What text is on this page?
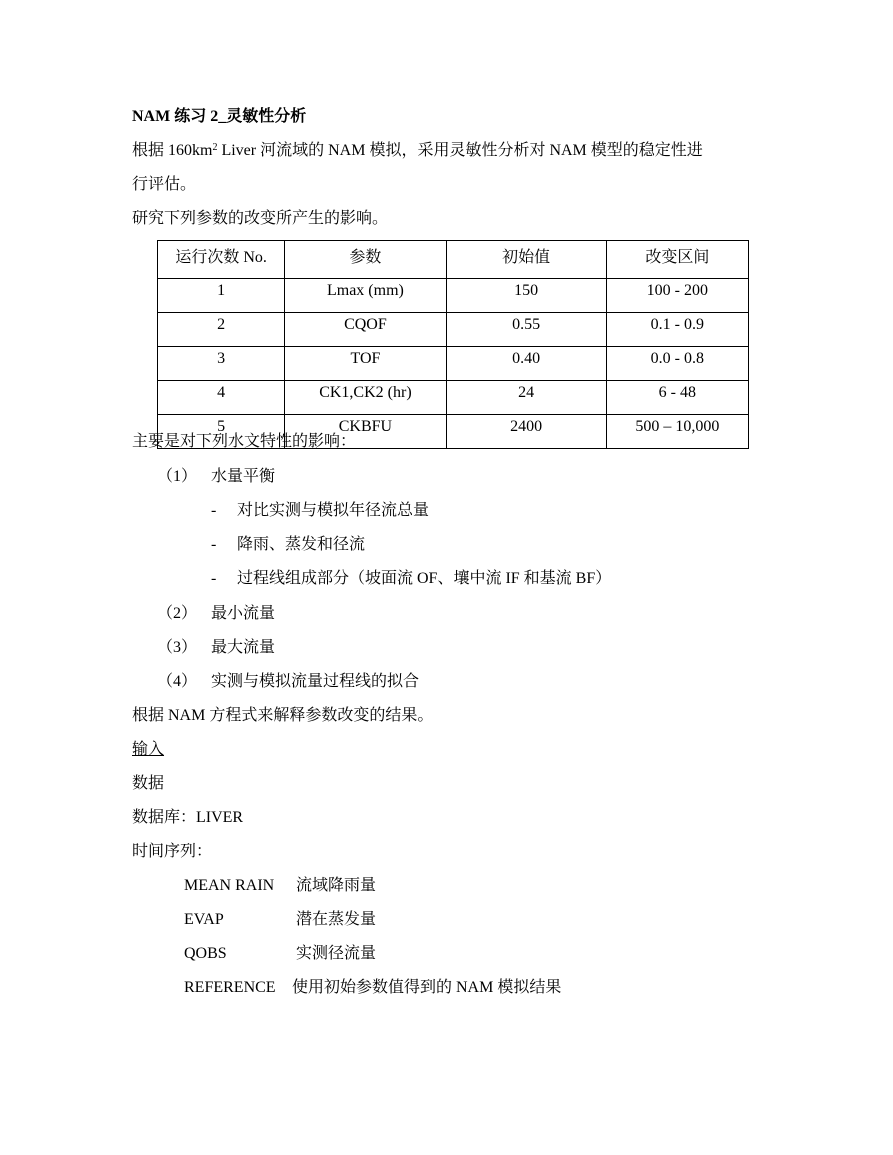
NAM 练习 2_灵敏性分析
根据 $160km^2$ Liver 河流域的 NAM 模拟，采用灵敏性分析对 NAM 模型的稳定性进
行评估。
研究下列参数的改变所产生的影响。
运行次数 No.	参数	初始值	改变区间
1	Lmax (mm)	150	100 - 200
2	CQOF	0.55	0.1 - 0.9
3	TOF	0.40	0.0 - 0.8
4	CK1,CK2 (hr)	24	6 - 48
5	CKBFU	2400	500 – 10,000
主要是对下列水文特性的影响：
（1） 水量平衡
- 对比实测与模拟年径流总量
- 降雨、蒸发和径流
- 过程线组成部分（坡面流 OF、壤中流 IF 和基流 BF）
（2） 最小流量
（3） 最大流量
（4） 实测与模拟流量过程线的拟合
根据 NAM 方程式来解释参数改变的结果。
输入
数据
数据库：LIVER
时间序列：
MEAN RAIN 流域降雨量
EVAP	潜在蒸发量
QOBS	实测径流量
REFERENCE 使用初始参数值得到的 NAM 模拟结果
